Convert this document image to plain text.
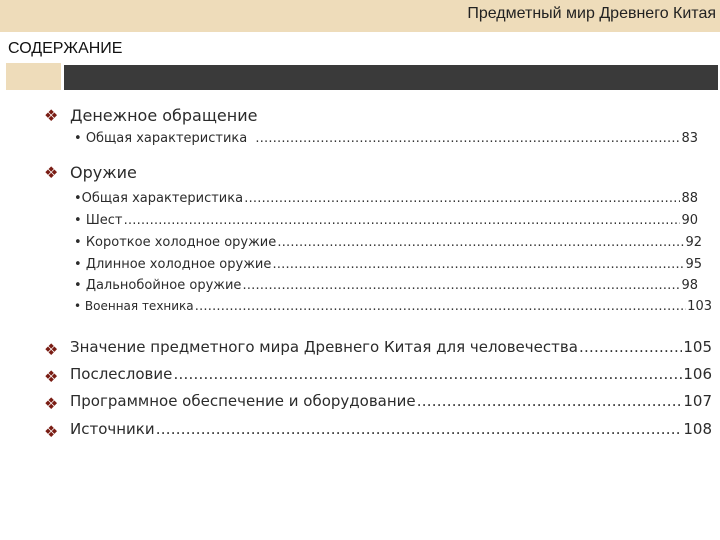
Предметный мир Древнего Китая
СОДЕРЖАНИЕ
❖ Денежное обращение
• Общая характеристика ……………………………………………………………………………………………………………………………………………………………………………………………………………………………………………………	83
❖ Оружие
•Общая характеристика ……………………………………………………………………………………………………………………………………………………………………………………………………………………………………………………	88
• Шест ……………………………………………………………………………………………………………………………………………………………………………………………………………………………………………………	90
• Короткое холодное оружие ……………………………………………………………………………………………………………………………………………………………………………………………………………………………………………………	92
• Длинное холодное оружие ……………………………………………………………………………………………………………………………………………………………………………………………………………………………………………………	95
• Дальнобойное оружие ……………………………………………………………………………………………………………………………………………………………………………………………………………………………………………………	98
• Военная техника ……………………………………………………………………………………………………………………………………………………………………………………………………………………………………………………	103
❖ Значение предметного мира Древнего Китая для человечества ……………………………………………………………………………………………………………………………………………………………………………………………………………………………………………………	105
❖ Послесловие ……………………………………………………………………………………………………………………………………………………………………………………………………………………………………………………	106
❖ Программное обеспечение и оборудование ……………………………………………………………………………………………………………………………………………………………………………………………………………………………………………………	107
❖ Источники ……………………………………………………………………………………………………………………………………………………………………………………………………………………………………………………	108
